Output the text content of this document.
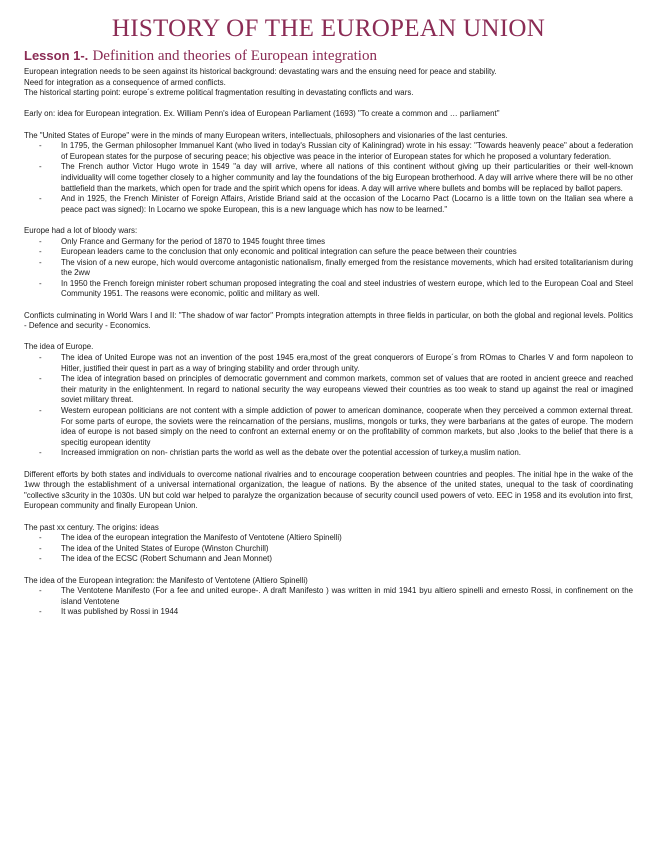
HISTORY OF THE EUROPEAN UNION
Lesson 1-. Definition and theories of European integration

European integration needs to be seen against its historical background: devastating wars and the ensuing need for peace and stability.

Need for integration as a consequence of armed conflicts.

The historical starting point: europe´s extreme political fragmentation resulting in devastating conflicts and wars.

Early on: idea for European integration. Ex. William Penn's idea of European Parliament (1693) "To create a common and … parliament"

The "United States of Europe" were in the minds of many European writers, intellectuals, philosophers and visionaries of the last centuries.

- In 1795, the German philosopher Immanuel Kant (who lived in today's Russian city of Kaliningrad) wrote in his essay: "Towards heavenly peace" about a federation of European states for the purpose of securing peace; his objective was peace in the interior of European states for which he proposed a voluntary federation.
- The French author Victor Hugo wrote in 1549 "a day will arrive, where all nations of this continent without giving up their particularities or their well-known individuality will come together closely to a higher community and lay the foundations of the big European brotherhood. A day will arrive where there will be no other battlefield than the markets, which open for trade and the spirit which opens for ideas. A day will arrive where bullets and bombs will be replaced by ballot papers.
- And in 1925, the French Minister of Foreign Affairs, Aristide Briand said at the occasion of the Locarno Pact (Locarno is a little town on the Italian sea where a peace pact was signed): In Locarno we spoke European, this is a new language which has now to be learned."

Europe had a lot of bloody wars:

- Only France and Germany for the period of 1870 to 1945 fought three times
- European leaders came to the conclusion that only economic and political integration can sefure the peace between their countries
- The vision of a new europe, hich would overcome antagonistic nationalism, finally emerged from the resistance movements, which had ersited totalitarianism during the 2ww
- In 1950 the French foreign minister robert schuman proposed integrating the coal and steel industries of western europe, which led to the European Coal and Steel Community 1951. The reasons were economic, politic and military as well.

Conflicts culminating in World Wars I and II: "The shadow of war factor" Prompts integration attempts in three fields in particular, on both the global and regional levels. Politics - Defence and security - Economics.

The idea of Europe.

- The idea of United Europe was not an invention of the post 1945 era,most of the great conquerors of Europe´s from ROmas to Charles V and form napoleon to Hitler, justified their quest in part as a way of bringing stability and order through unity.
- The idea of integration based on principles of democratic government and common markets, common set of values that are rooted in ancient greece and reached their maturity in the enlightenment. In regard to national security the way europeans viewed their countries as too weak to stand up against the real or imagined soviet military threat.
- Western european politicians are not content with a simple addiction of power to american dominance, cooperate when they perceived a common external threat. For some parts of europe, the soviets were the reincarnation of the persians, muslims, mongols or turks, they were barbarians at the gates of europe. The modern idea of europe is not based simply on the need to confront an external enemy or on the profitability of common markets, but also ,looks to the belief that there is a specitig european identity
- Increased immigration on non- christian parts the world as well as the debate over the potential accession of turkey,a muslim nation.

Different efforts by both states and individuals to overcome national rivalries and to encourage cooperation between countries and peoples. The initial hpe in the wake of the 1ww through the establishment of a universal international organization, the league of nations. By the absence of the united states, unequal to the task of coordinating "collective s3curity in the 1030s. UN but cold war helped to paralyze the organization because of security council used powers of veto. EEC in 1958 and its evolution into first, European community and finally European Union.

The past xx century. The origins: ideas

- The idea of the european integration the Manifesto of Ventotene (Altiero Spinelli)
- The idea of the United States of Europe (Winston Churchill)
- The idea of the ECSC (Robert Schumann and Jean Monnet)

The idea of the European integration: the Manifesto of Ventotene (Altiero Spinelli)

- The Ventotene Manifesto (For a fee and united europe-. A draft Manifesto ) was written in mid 1941 byu altiero spinelli and ernesto Rossi, in confinement on the island Ventotene
- It was published by Rossi in 1944
